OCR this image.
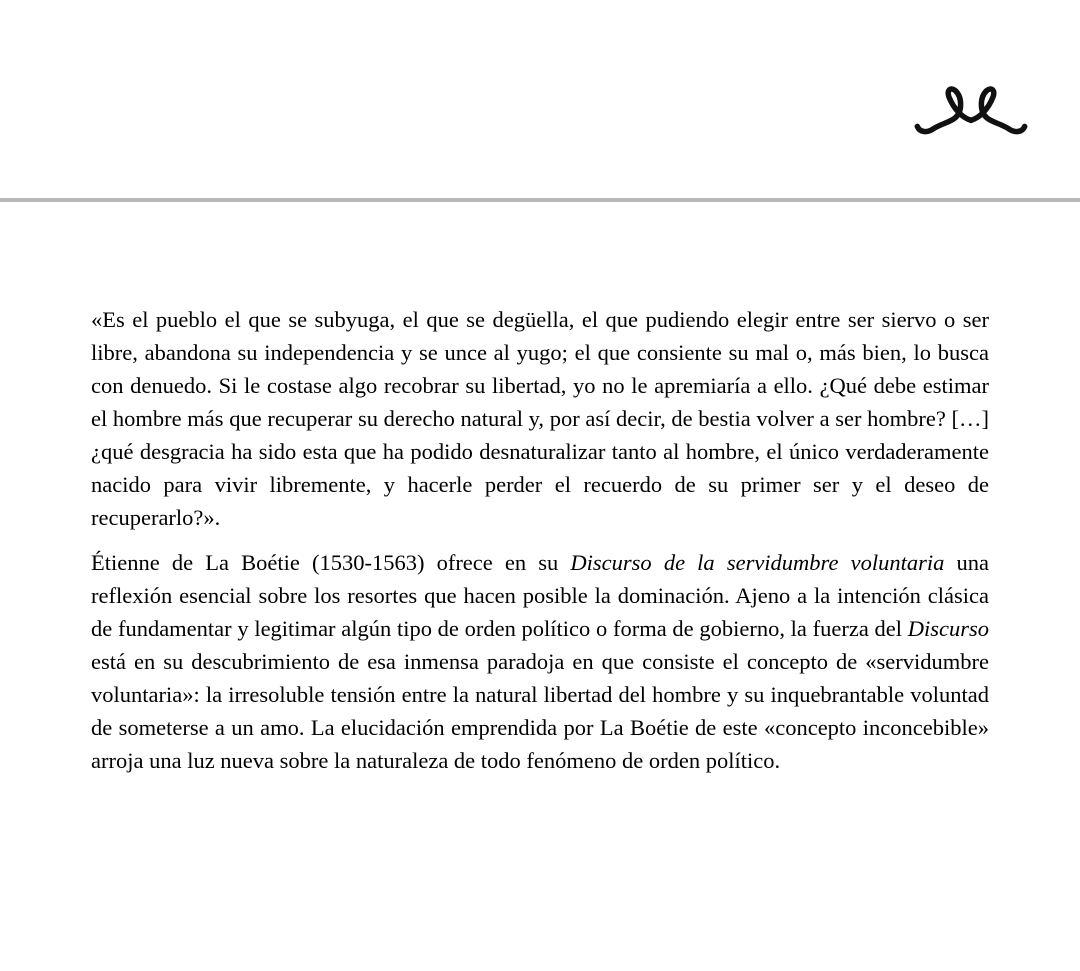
«Es el pueblo el que se subyuga, el que se degüella, el que pudiendo elegir entre ser siervo o ser libre, abandona su independencia y se unce al yugo; el que consiente su mal o, más bien, lo busca con denuedo. Si le costase algo recobrar su libertad, yo no le apremiaría a ello. ¿Qué debe estimar el hombre más que recuperar su derecho natural y, por así decir, de bestia volver a ser hombre? […] ¿qué desgracia ha sido esta que ha podido desnaturalizar tanto al hombre, el único verdaderamente nacido para vivir libremente, y hacerle perder el recuerdo de su primer ser y el deseo de recuperarlo?».

Étienne de La Boétie (1530-1563) ofrece en su Discurso de la servidumbre voluntaria una reflexión esencial sobre los resortes que hacen posible la dominación. Ajeno a la intención clásica de fundamentar y legitimar algún tipo de orden político o forma de gobierno, la fuerza del Discurso está en su descubrimiento de esa inmensa paradoja en que consiste el concepto de «servidumbre voluntaria»: la irresoluble tensión entre la natural libertad del hombre y su inquebrantable voluntad de someterse a un amo. La elucidación emprendida por La Boétie de este «concepto inconcebible» arroja una luz nueva sobre la naturaleza de todo fenómeno de orden político.
